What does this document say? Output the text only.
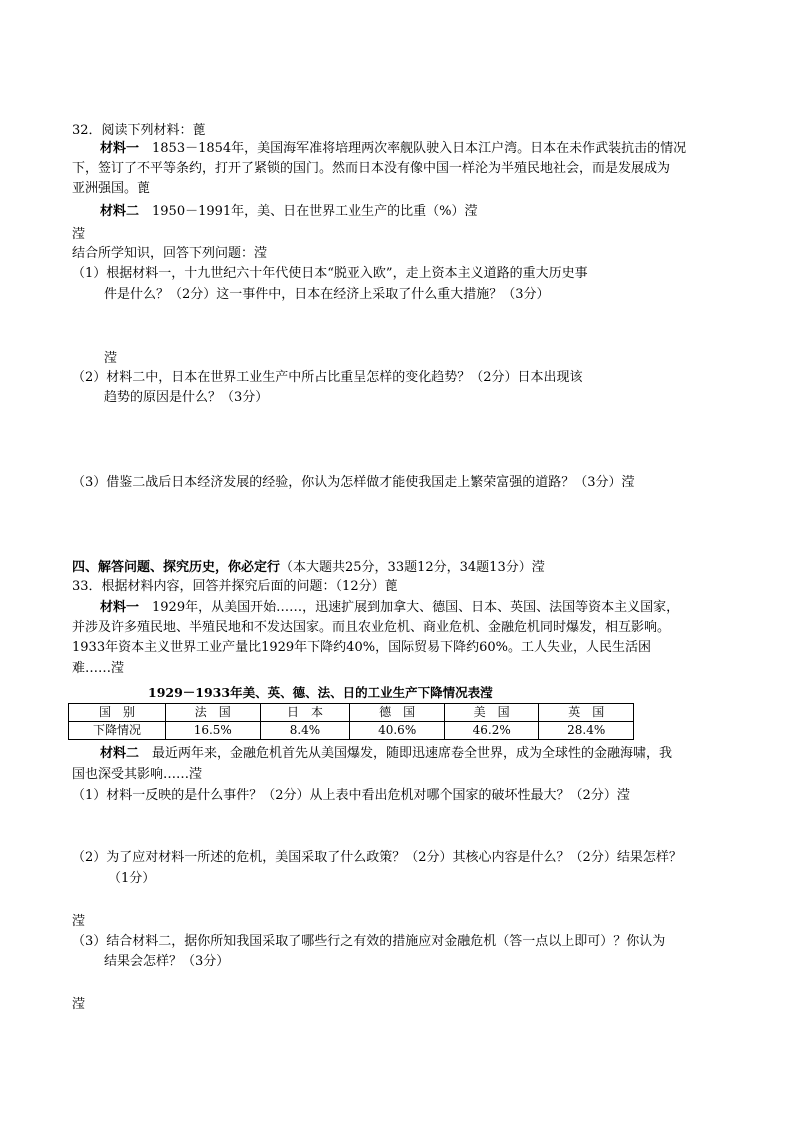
32．阅读下列材料：蓖
材料一　1853－1854年，美国海军准将培理两次率舰队驶入日本江户湾。日本在未作武装抗击的情况
下，签订了不平等条约，打开了紧锁的国门。然而日本没有像中国一样沦为半殖民地社会，而是发展成为
亚洲强国。蓖
材料二　1950－1991年，美、日在世界工业生产的比重（%）滢
滢
结合所学知识，回答下列问题：滢
（1）根据材料一，十九世纪六十年代使日本“脱亚入欧”，走上资本主义道路的重大历史事
件是什么？（2分）这一事件中，日本在经济上采取了什么重大措施？（3分）
滢
（2）材料二中，日本在世界工业生产中所占比重呈怎样的变化趋势？（2分）日本出现该
趋势的原因是什么？（3分）
（3）借鉴二战后日本经济发展的经验，你认为怎样做才能使我国走上繁荣富强的道路？（3分）滢
四、解答问题、探究历史，你必定行（本大题共25分，33题12分，34题13分）滢
33．根据材料内容，回答并探究后面的问题：（12分）蓖
材料一　1929年，从美国开始……，迅速扩展到加拿大、德国、日本、英国、法国等资本主义国家，
并涉及许多殖民地、半殖民地和不发达国家。而且农业危机、商业危机、金融危机同时爆发，相互影响。
1933年资本主义世界工业产量比1929年下降约40%，国际贸易下降约60%。工人失业，人民生活困
难……滢
1929－1933年美、英、德、法、日的工业生产下降情况表滢
国　别	法　国	日　本	德　国	美　国	英　国
下降情况	16.5%	8.4%	40.6%	46.2%	28.4%
材料二　最近两年来，金融危机首先从美国爆发，随即迅速席卷全世界，成为全球性的金融海啸，我
国也深受其影响……滢
（1）材料一反映的是什么事件？（2分）从上表中看出危机对哪个国家的破坏性最大？（2分）滢
（2）为了应对材料一所述的危机，美国采取了什么政策？（2分）其核心内容是什么？（2分）结果怎样？
（1分）
滢
（3）结合材料二，据你所知我国采取了哪些行之有效的措施应对金融危机（答一点以上即可）？你认为
结果会怎样？（3分）
滢
